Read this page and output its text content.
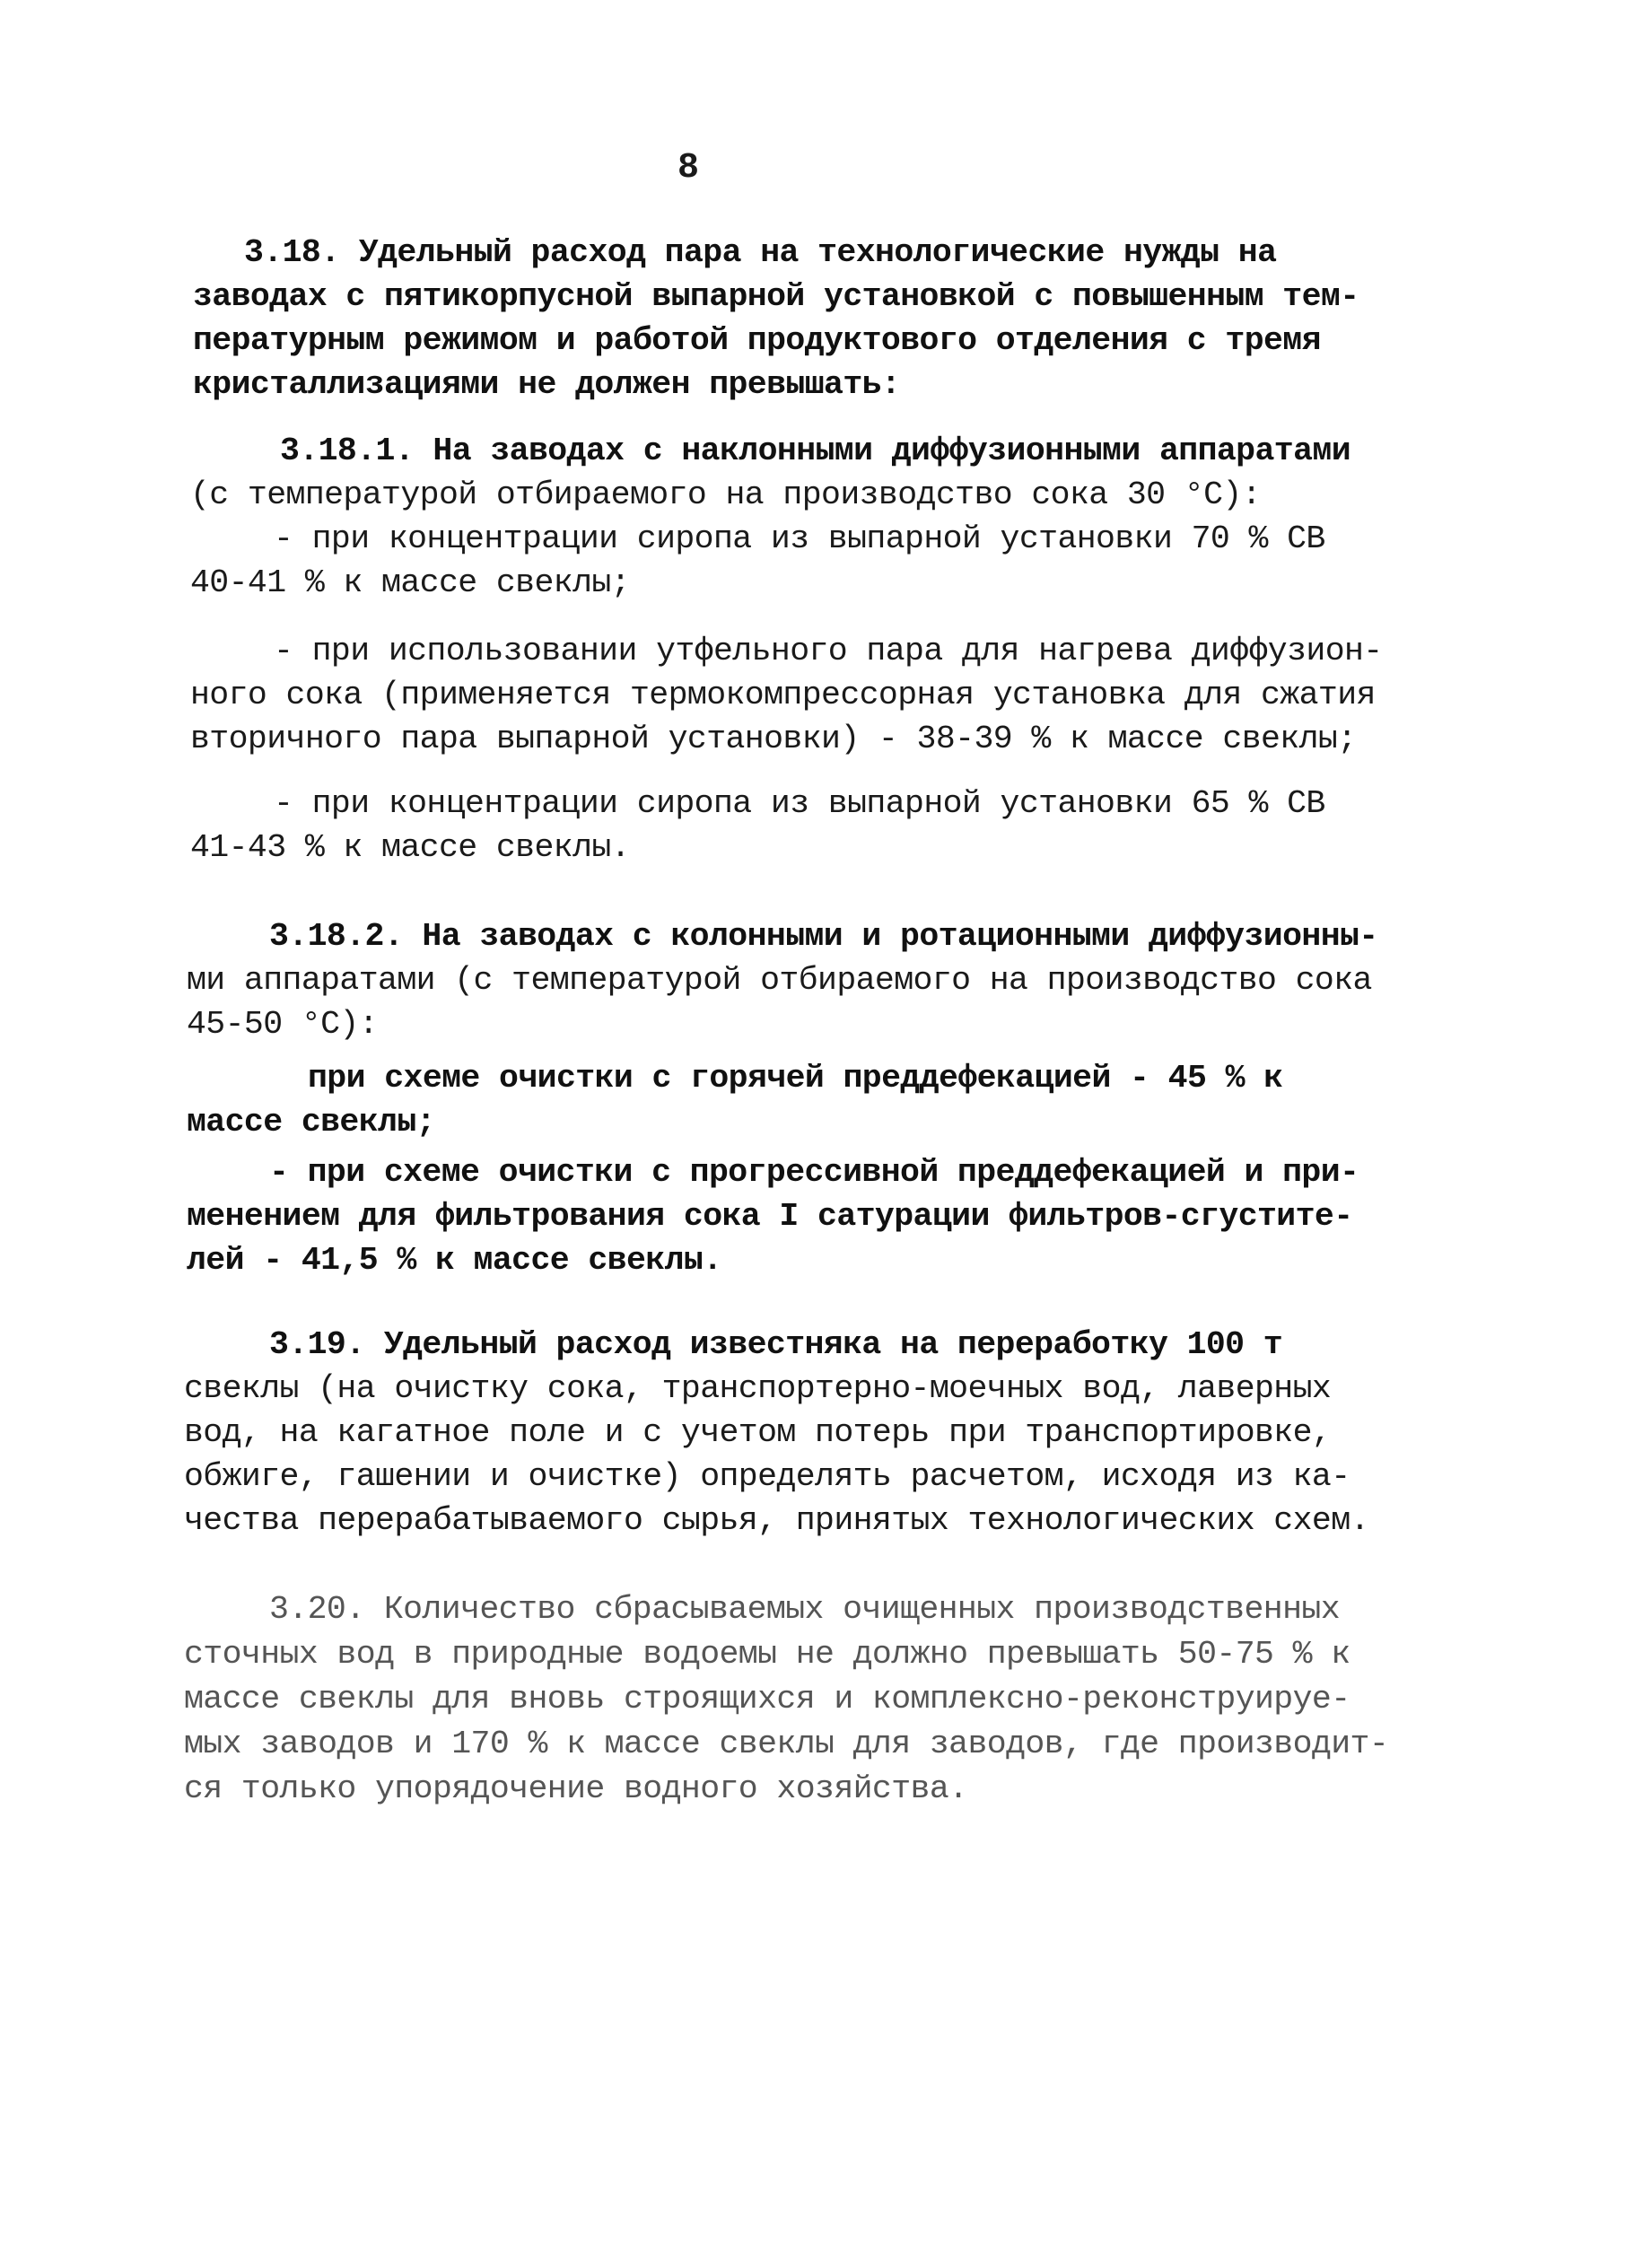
8
3.18. Удельный расход пара на технологические нужды на
заводах с пятикорпусной выпарной установкой с повышенным тем-
пературным режимом и работой продуктового отделения с тремя
кристаллизациями не должен превышать:
3.18.1. На заводах с наклонными диффузионными аппаратами
(с температурой отбираемого на производство сока 30 °С):
- при концентрации сиропа из выпарной установки 70 % СВ
40-41 % к массе свеклы;
- при использовании утфельного пара для нагрева диффузион-
ного сока (применяется термокомпрессорная установка для сжатия
вторичного пара выпарной установки) - 38-39 % к массе свеклы;
- при концентрации сиропа из выпарной установки 65 % СВ
41-43 % к массе свеклы.
3.18.2. На заводах с колонными и ротационными диффузионны-
ми аппаратами (с температурой отбираемого на производство сока
45-50 °С):
при схеме очистки с горячей преддефекацией - 45 % к
массе свеклы;
- при схеме очистки с прогрессивной преддефекацией и при-
менением для фильтрования сока I сатурации фильтров-сгустите-
лей - 41,5 % к массе свеклы.
3.19. Удельный расход известняка на переработку 100 т
свеклы (на очистку сока, транспортерно-моечных вод, лаверных
вод, на кагатное поле и с учетом потерь при транспортировке,
обжиге, гашении и очистке) определять расчетом, исходя из ка-
чества перерабатываемого сырья, принятых технологических схем.
3.20. Количество сбрасываемых очищенных производственных
сточных вод в природные водоемы не должно превышать 50-75 % к
массе свеклы для вновь строящихся и комплексно-реконструируе-
мых заводов и 170 % к массе свеклы для заводов, где производит-
ся только упорядочение водного хозяйства.
